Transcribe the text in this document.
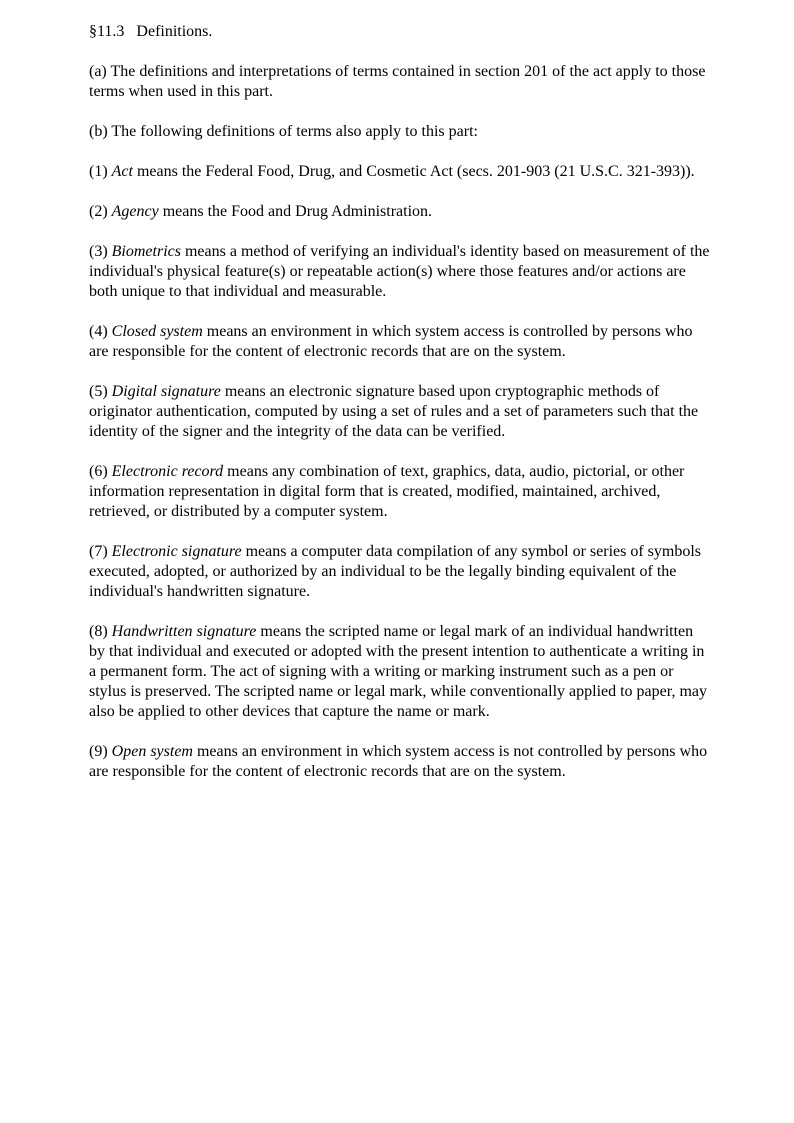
§11.3   Definitions.

(a) The definitions and interpretations of terms contained in section 201 of the act apply to those terms when used in this part.

(b) The following definitions of terms also apply to this part:

(1) Act means the Federal Food, Drug, and Cosmetic Act (secs. 201-903 (21 U.S.C. 321-393)).

(2) Agency means the Food and Drug Administration.

(3) Biometrics means a method of verifying an individual's identity based on measurement of the individual's physical feature(s) or repeatable action(s) where those features and/or actions are both unique to that individual and measurable.

(4) Closed system means an environment in which system access is controlled by persons who are responsible for the content of electronic records that are on the system.

(5) Digital signature means an electronic signature based upon cryptographic methods of originator authentication, computed by using a set of rules and a set of parameters such that the identity of the signer and the integrity of the data can be verified.

(6) Electronic record means any combination of text, graphics, data, audio, pictorial, or other information representation in digital form that is created, modified, maintained, archived, retrieved, or distributed by a computer system.

(7) Electronic signature means a computer data compilation of any symbol or series of symbols executed, adopted, or authorized by an individual to be the legally binding equivalent of the individual's handwritten signature.

(8) Handwritten signature means the scripted name or legal mark of an individual handwritten by that individual and executed or adopted with the present intention to authenticate a writing in a permanent form. The act of signing with a writing or marking instrument such as a pen or stylus is preserved. The scripted name or legal mark, while conventionally applied to paper, may also be applied to other devices that capture the name or mark.

(9) Open system means an environment in which system access is not controlled by persons who are responsible for the content of electronic records that are on the system.
